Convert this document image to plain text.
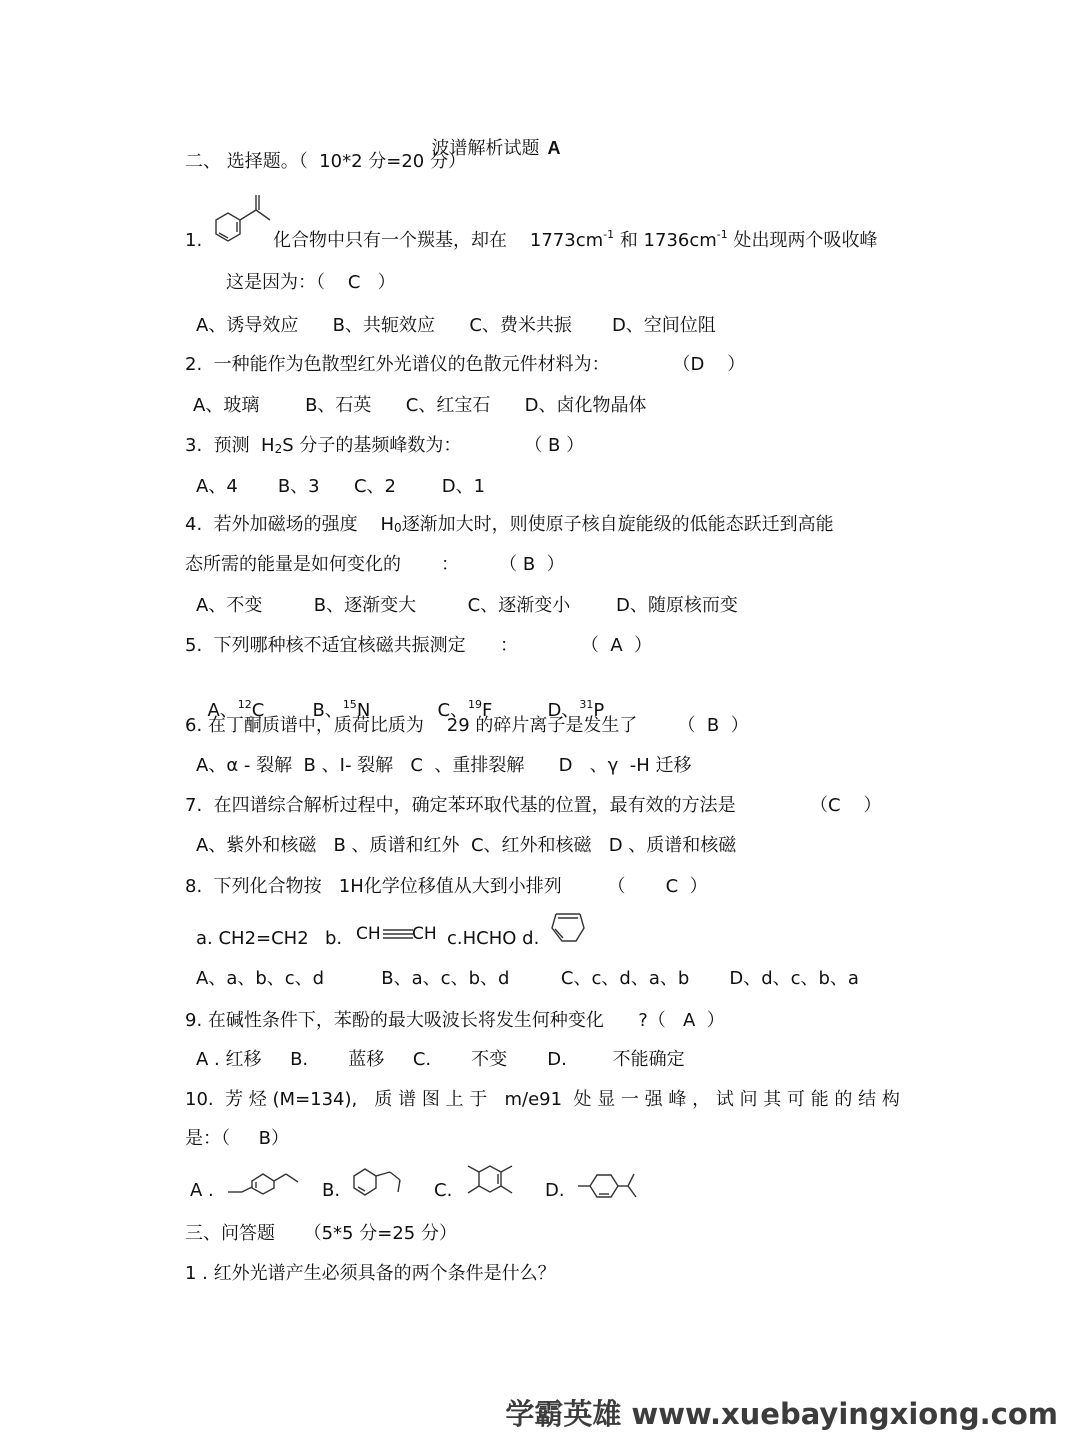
波谱解析试题 A

二、 选择题。（  10*2 分=20 分）
1.	化合物中只有一个羰基，却在    $1773cm^{-1}$ 和 $1736cm^{-1}$ 处出现两个吸收峰
这是因为：（    C   ）
A、诱导效应      B、共轭效应      C、费米共振       D、空间位阻
2.  一种能作为色散型红外光谱仪的色散元件材料为：           （D    ）
A、玻璃        B、石英      C、红宝石      D、卤化物晶体
3.  预测  $H_2S$ 分子的基频峰数为：           （ B ）
A、4       B、3      C、2        D、1
4.  若外加磁场的强度    $H_0$逐渐加大时，则使原子核自旋能级的低能态跃迁到高能
态所需的能量是如何变化的       ：       （ B  ）
A、不变         B、逐渐变大         C、逐渐变小        D、随原核而变
5.  下列哪种核不适宜核磁共振测定      ：           （  A  ）

A、$^{12}$C	B、$^{15}$N	C、$^{19}$F	D、$^{31}$P

6. 在丁酮质谱中，质荷比质为    29 的碎片离子是发生了       （  B  ）
A、α - 裂解  B 、I- 裂解   C  、重排裂解      D   、γ  -H 迁移
7.  在四谱综合解析过程中，确定苯环取代基的位置，最有效的方法是             （C    ）
A、紫外和核磁   B 、质谱和红外  C、红外和核磁   D 、质谱和核磁
8.  下列化合物按   1H化学位移值从大到小排列        （       C  ）
a. CH2=CH2 b. CH CH c.HCHO d.
A、a、b、c、d          B、a、c、b、d         C、c、d、a、b       D、d、c、b、a
9. 在碱性条件下，苯酚的最大吸波长将发生何种变化      ?（   A  ）
A . 红移     B.       蓝移     C.       不变       D.        不能确定
10.  芳 烃 (M=134),   质 谱 图 上 于   m/e91  处 显 一 强 峰 ， 试 问 其 可 能 的 结 构
是：（     B）
A .	B.	C.	D.
三、问答题     （5*5 分=25 分）
1 . 红外光谱产生必须具备的两个条件是什么？
学霸英雄 www.xuebayingxiong.com
